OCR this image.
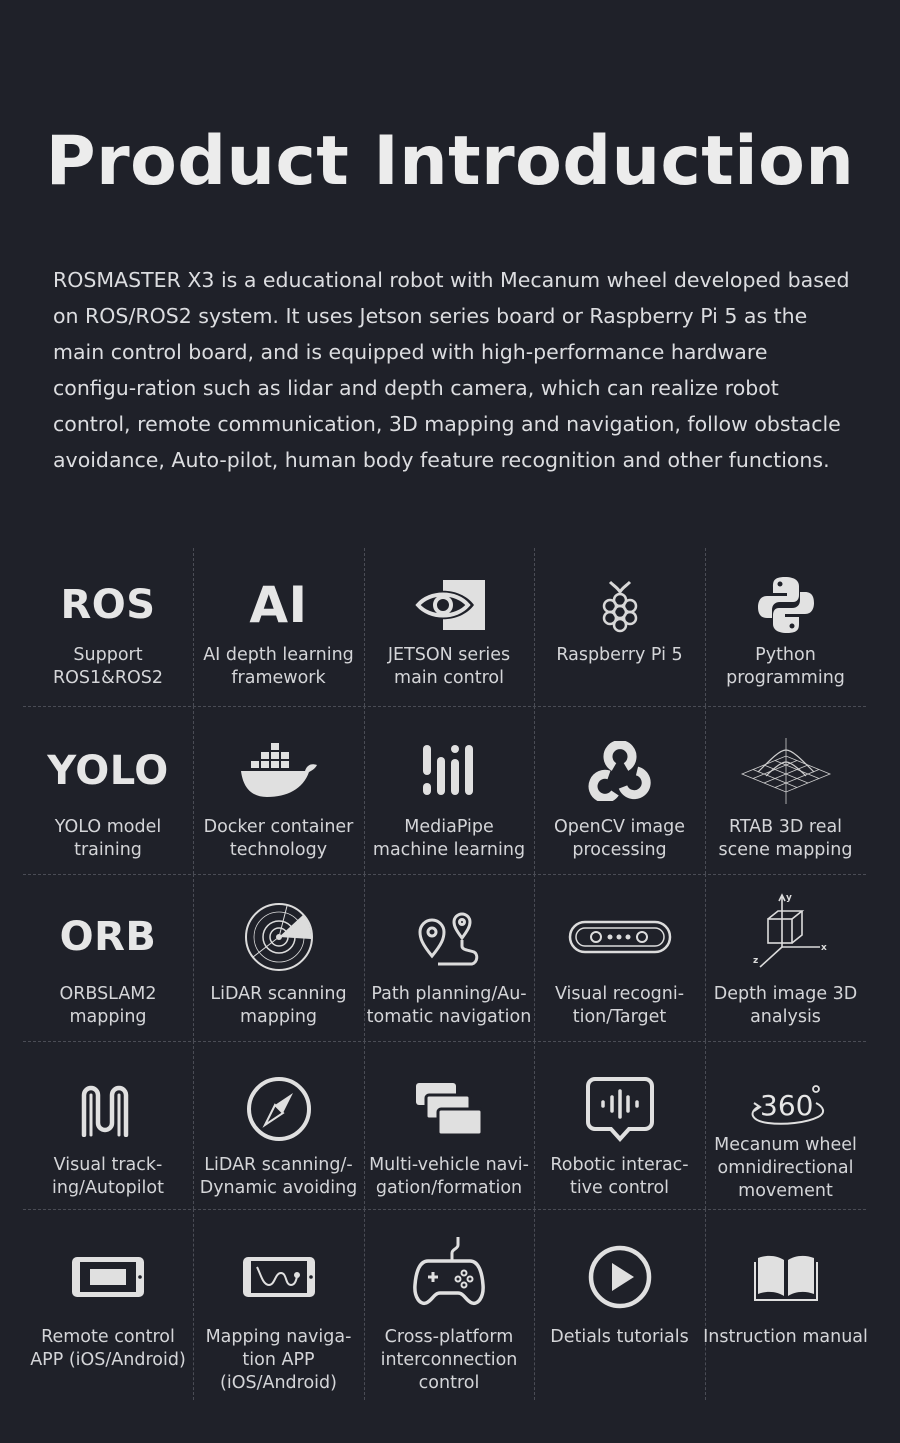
Product Introduction

ROSMASTER X3 is a educational robot with Mecanum wheel developed based on ROS/ROS2 system. It uses Jetson series board or Raspberry Pi 5 as the main control board, and is equipped with high-performance hardware configu-ration such as lidar and depth camera, which can realize robot control, remote communication, 3D mapping and navigation, follow obstacle avoidance, Auto-pilot, human body feature recognition and other functions.

ROS
Support
ROS1&ROS2
AI
AI depth learning
framework
JETSON series
main control
Raspberry Pi 5	Python
programming
YOLO
YOLO model
training
Docker container
technology
MediaPipe
machine learning
OpenCV image
processing
RTAB 3D real
scene mapping
ORB
ORBSLAM2
mapping
LiDAR scanning
mapping
Path planning/Au-
tomatic navigation
Visual recogni-
tion/Target
y
x
z
Depth image 3D
analysis
Visual track-
ing/Autopilot
LiDAR scanning/-
Dynamic avoiding
Multi-vehicle navi-
gation/formation
Robotic interac-
tive control
360
Mecanum wheel
omnidirectional
movement
Remote control
APP (iOS/Android)
Mapping naviga-
tion APP
(iOS/Android)
Cross-platform
interconnection
control
Detials tutorials Instruction manual
